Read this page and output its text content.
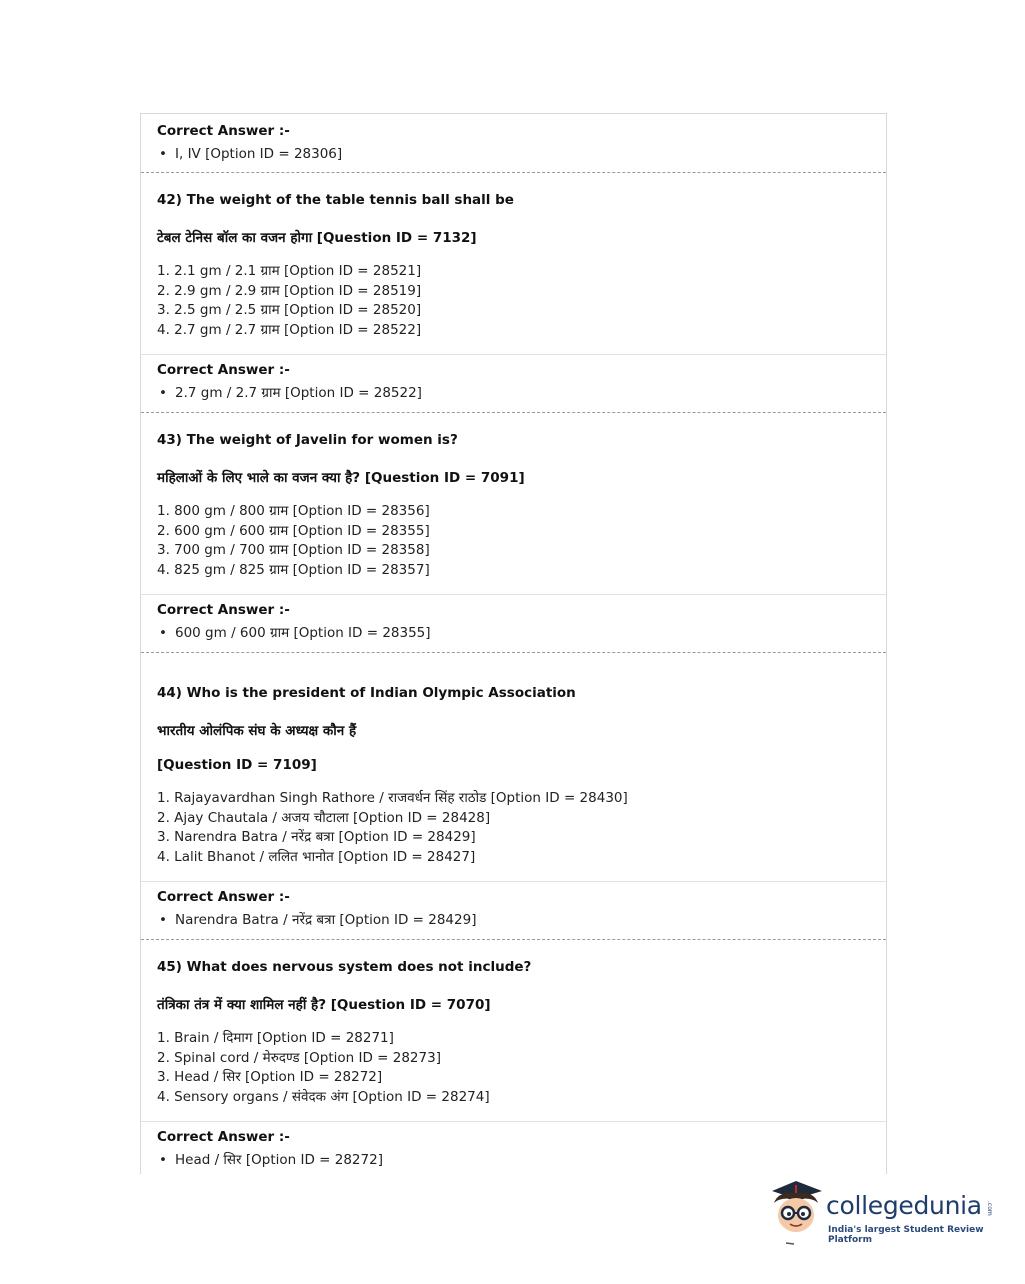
Correct Answer :-
• I, IV [Option ID = 28306]
42) The weight of the table tennis ball shall be
टेबल टेनिस बॉल का वजन होगा [Question ID = 7132]
1. 2.1 gm / 2.1 ग्राम [Option ID = 28521]
2. 2.9 gm / 2.9 ग्राम [Option ID = 28519]
3. 2.5 gm / 2.5 ग्राम [Option ID = 28520]
4. 2.7 gm / 2.7 ग्राम [Option ID = 28522]
Correct Answer :-
• 2.7 gm / 2.7 ग्राम [Option ID = 28522]
43) The weight of Javelin for women is?
महिलाओं के लिए भाले का वजन क्या है? [Question ID = 7091]
1. 800 gm / 800 ग्राम [Option ID = 28356]
2. 600 gm / 600 ग्राम [Option ID = 28355]
3. 700 gm / 700 ग्राम [Option ID = 28358]
4. 825 gm / 825 ग्राम [Option ID = 28357]
Correct Answer :-
• 600 gm / 600 ग्राम [Option ID = 28355]
44) Who is the president of Indian Olympic Association
भारतीय ओलंपिक संघ के अध्यक्ष कौन हैं
[Question ID = 7109]
1. Rajayavardhan Singh Rathore / राजवर्धन सिंह राठोड [Option ID = 28430]
2. Ajay Chautala / अजय चौटाला [Option ID = 28428]
3. Narendra Batra / नरेंद्र बत्रा [Option ID = 28429]
4. Lalit Bhanot / ललित भानोत [Option ID = 28427]
Correct Answer :-
• Narendra Batra / नरेंद्र बत्रा [Option ID = 28429]
45) What does nervous system does not include?
तंत्रिका तंत्र में क्या शामिल नहीं है? [Question ID = 7070]
1. Brain / दिमाग [Option ID = 28271]
2. Spinal cord / मेरुदण्ड [Option ID = 28273]
3. Head / सिर [Option ID = 28272]
4. Sensory organs / संवेदक अंग [Option ID = 28274]
Correct Answer :-
• Head / सिर [Option ID = 28272]
collegedunia .com
India's largest Student Review Platform
